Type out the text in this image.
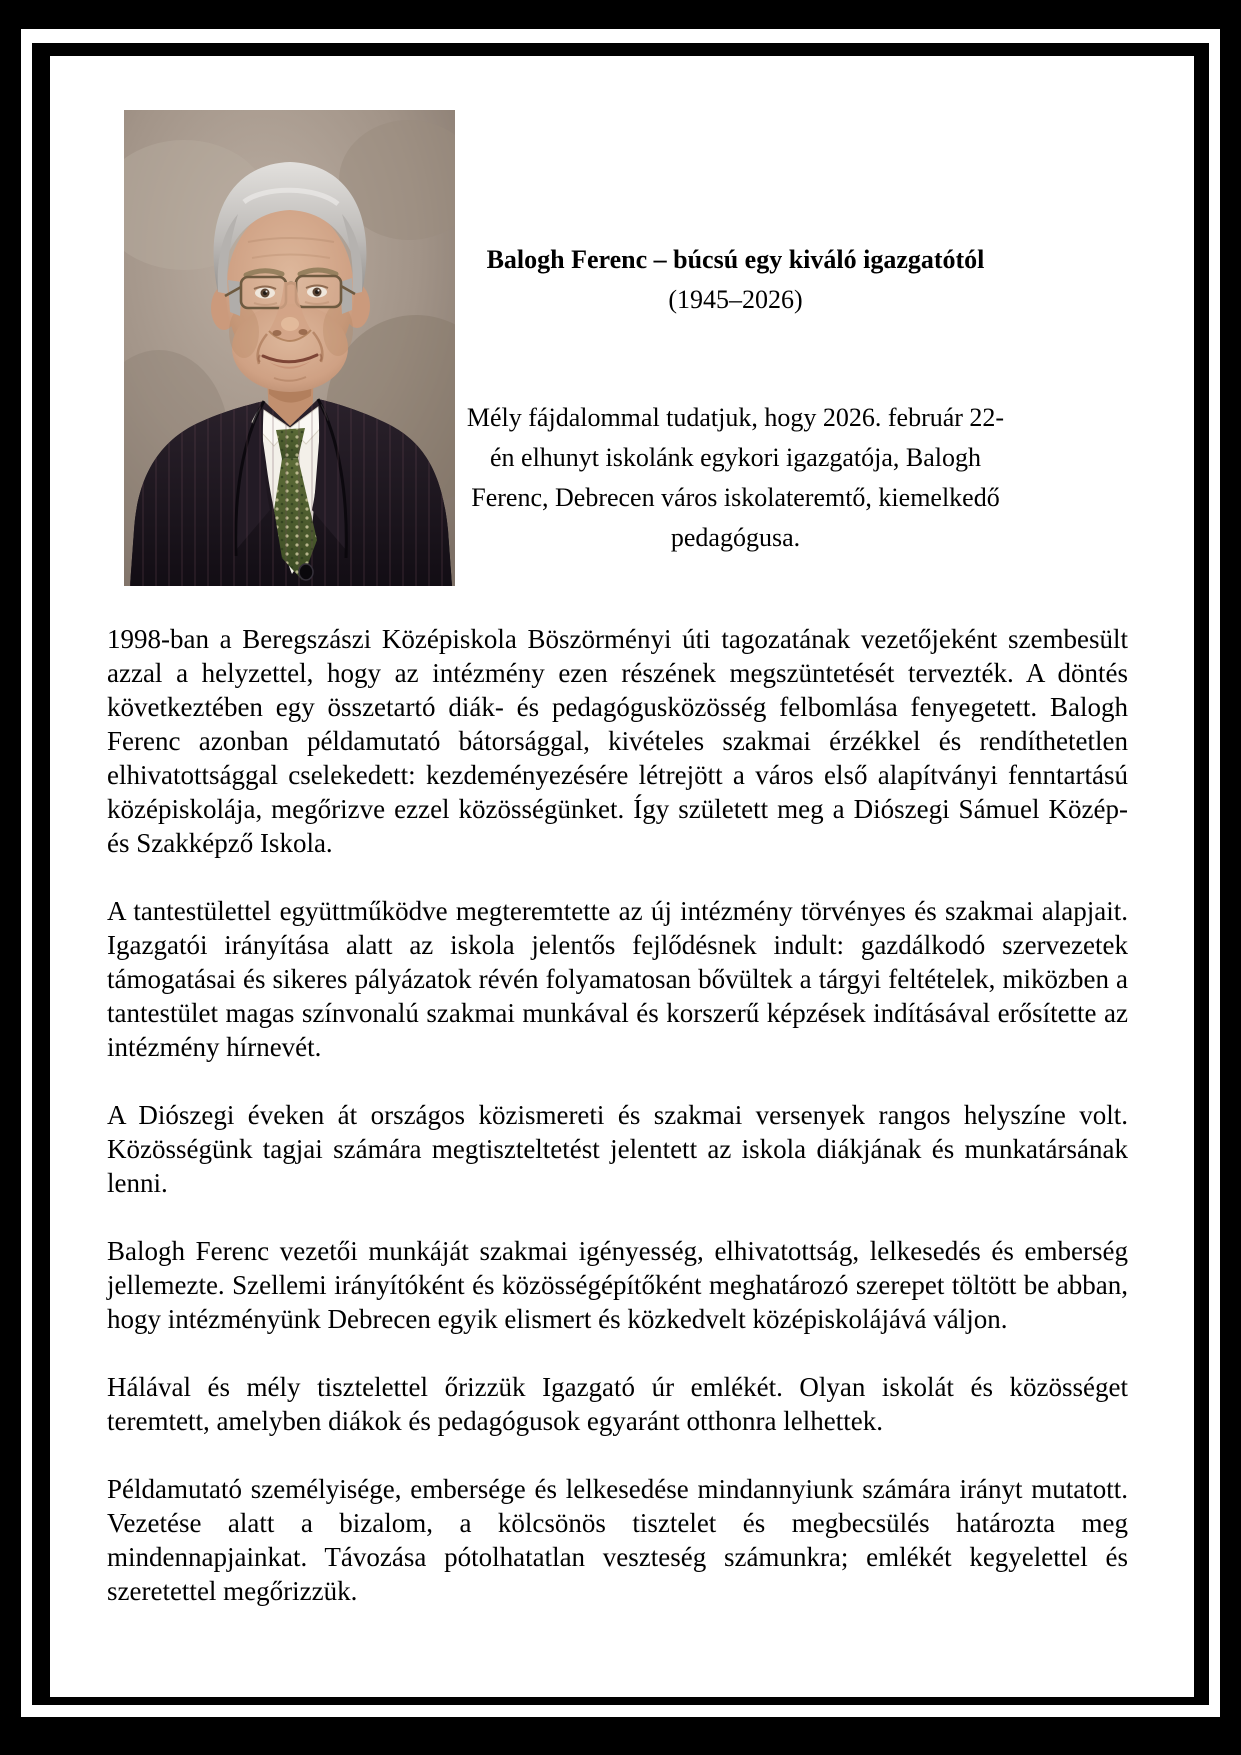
Balogh Ferenc – búcsú egy kiváló igazgatótól
(1945–2026)
Mély fájdalommal tudatjuk, hogy 2026. február 22-én elhunyt iskolánk egykori igazgatója, Balogh Ferenc, Debrecen város iskolateremtő, kiemelkedő pedagógusa.

1998-ban a Beregszászi Középiskola Böszörményi úti tagozatának vezetőjeként szembesült azzal a helyzettel, hogy az intézmény ezen részének megszüntetését tervezték. A döntés következtében egy összetartó diák- és pedagógusközösség felbomlása fenyegetett. Balogh Ferenc azonban példamutató bátorsággal, kivételes szakmai érzékkel és rendíthetetlen elhivatottsággal cselekedett: kezdeményezésére létrejött a város első alapítványi fenntartású középiskolája, megőrizve ezzel közösségünket. Így született meg a Diószegi Sámuel Közép- és Szakképző Iskola.

A tantestülettel együttműködve megteremtette az új intézmény törvényes és szakmai alapjait. Igazgatói irányítása alatt az iskola jelentős fejlődésnek indult: gazdálkodó szervezetek támogatásai és sikeres pályázatok révén folyamatosan bővültek a tárgyi feltételek, miközben a tantestület magas színvonalú szakmai munkával és korszerű képzések indításával erősítette az intézmény hírnevét.

A Diószegi éveken át országos közismereti és szakmai versenyek rangos helyszíne volt. Közösségünk tagjai számára megtiszteltetést jelentett az iskola diákjának és munkatársának lenni.

Balogh Ferenc vezetői munkáját szakmai igényesség, elhivatottság, lelkesedés és emberség jellemezte. Szellemi irányítóként és közösségépítőként meghatározó szerepet töltött be abban, hogy intézményünk Debrecen egyik elismert és közkedvelt középiskolájává váljon.

Hálával és mély tisztelettel őrizzük Igazgató úr emlékét. Olyan iskolát és közösséget teremtett, amelyben diákok és pedagógusok egyaránt otthonra lelhettek.

Példamutató személyisége, embersége és lelkesedése mindannyiunk számára irányt mutatott. Vezetése alatt a bizalom, a kölcsönös tisztelet és megbecsülés határozta meg mindennapjainkat. Távozása pótolhatatlan veszteség számunkra; emlékét kegyelettel és szeretettel megőrizzük.
